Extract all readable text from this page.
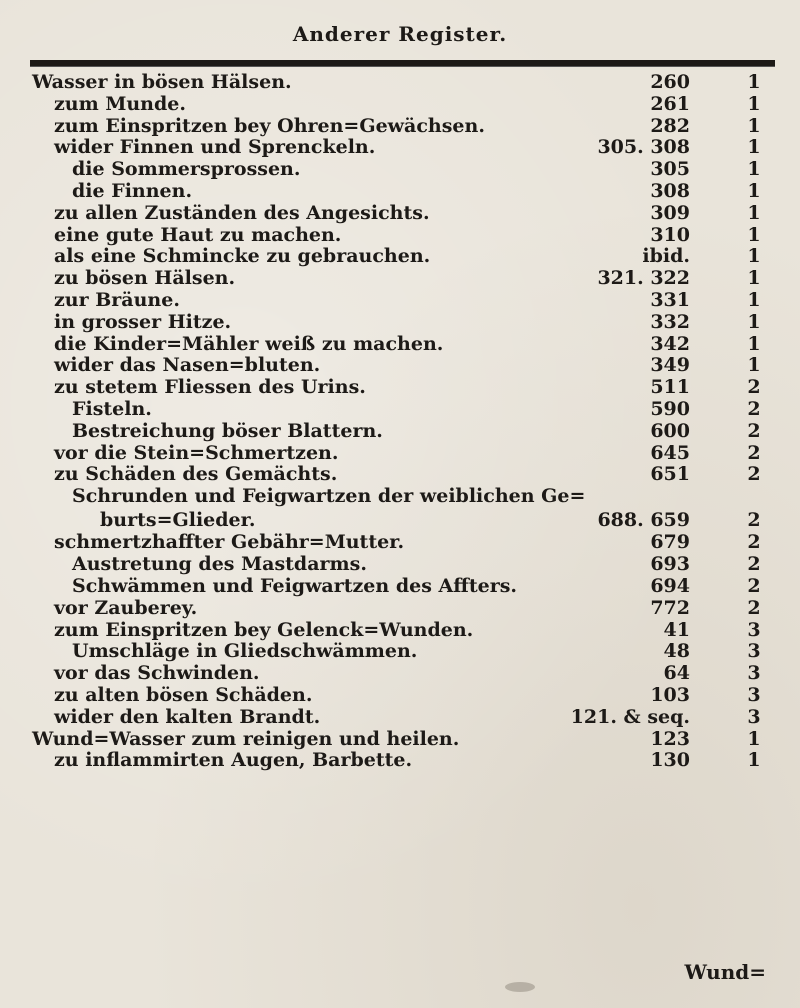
Anderer Register.
Wasser in bösen Hälsen.	260	1
zum Munde.	261	1
zum Einspritzen bey Ohren=Gewächsen.	282	1
wider Finnen und Sprenckeln.	305. 308	1
die Sommersprossen.	305	1
die Finnen.	308	1
zu allen Zuständen des Angesichts.	309	1
eine gute Haut zu machen.	310	1
als eine Schmincke zu gebrauchen.	ibid.	1
zu bösen Hälsen.	321. 322	1
zur Bräune.	331	1
in grosser Hitze.	332	1
die Kinder=Mähler weiß zu machen.	342	1
wider das Nasen=bluten.	349	1
zu stetem Fliessen des Urins.	511	2
Fisteln.	590	2
Bestreichung böser Blattern.	600	2
vor die Stein=Schmertzen.	645	2
zu Schäden des Gemächts.	651	2
Schrunden und Feigwartzen der weiblichen Ge=
burts=Glieder.	688. 659	2
schmertzhaffter Gebähr=Mutter.	679	2
Austretung des Mastdarms.	693	2
Schwämmen und Feigwartzen des Affters.	694	2
vor Zauberey.	772	2
zum Einspritzen bey Gelenck=Wunden.	41	3
Umschläge in Gliedschwämmen.	48	3
vor das Schwinden.	64	3
zu alten bösen Schäden.	103	3
wider den kalten Brandt.	121. & seq.	3
Wund=Wasser zum reinigen und heilen.	123	1
zu inflammirten Augen, Barbette.	130	1
Wund=
